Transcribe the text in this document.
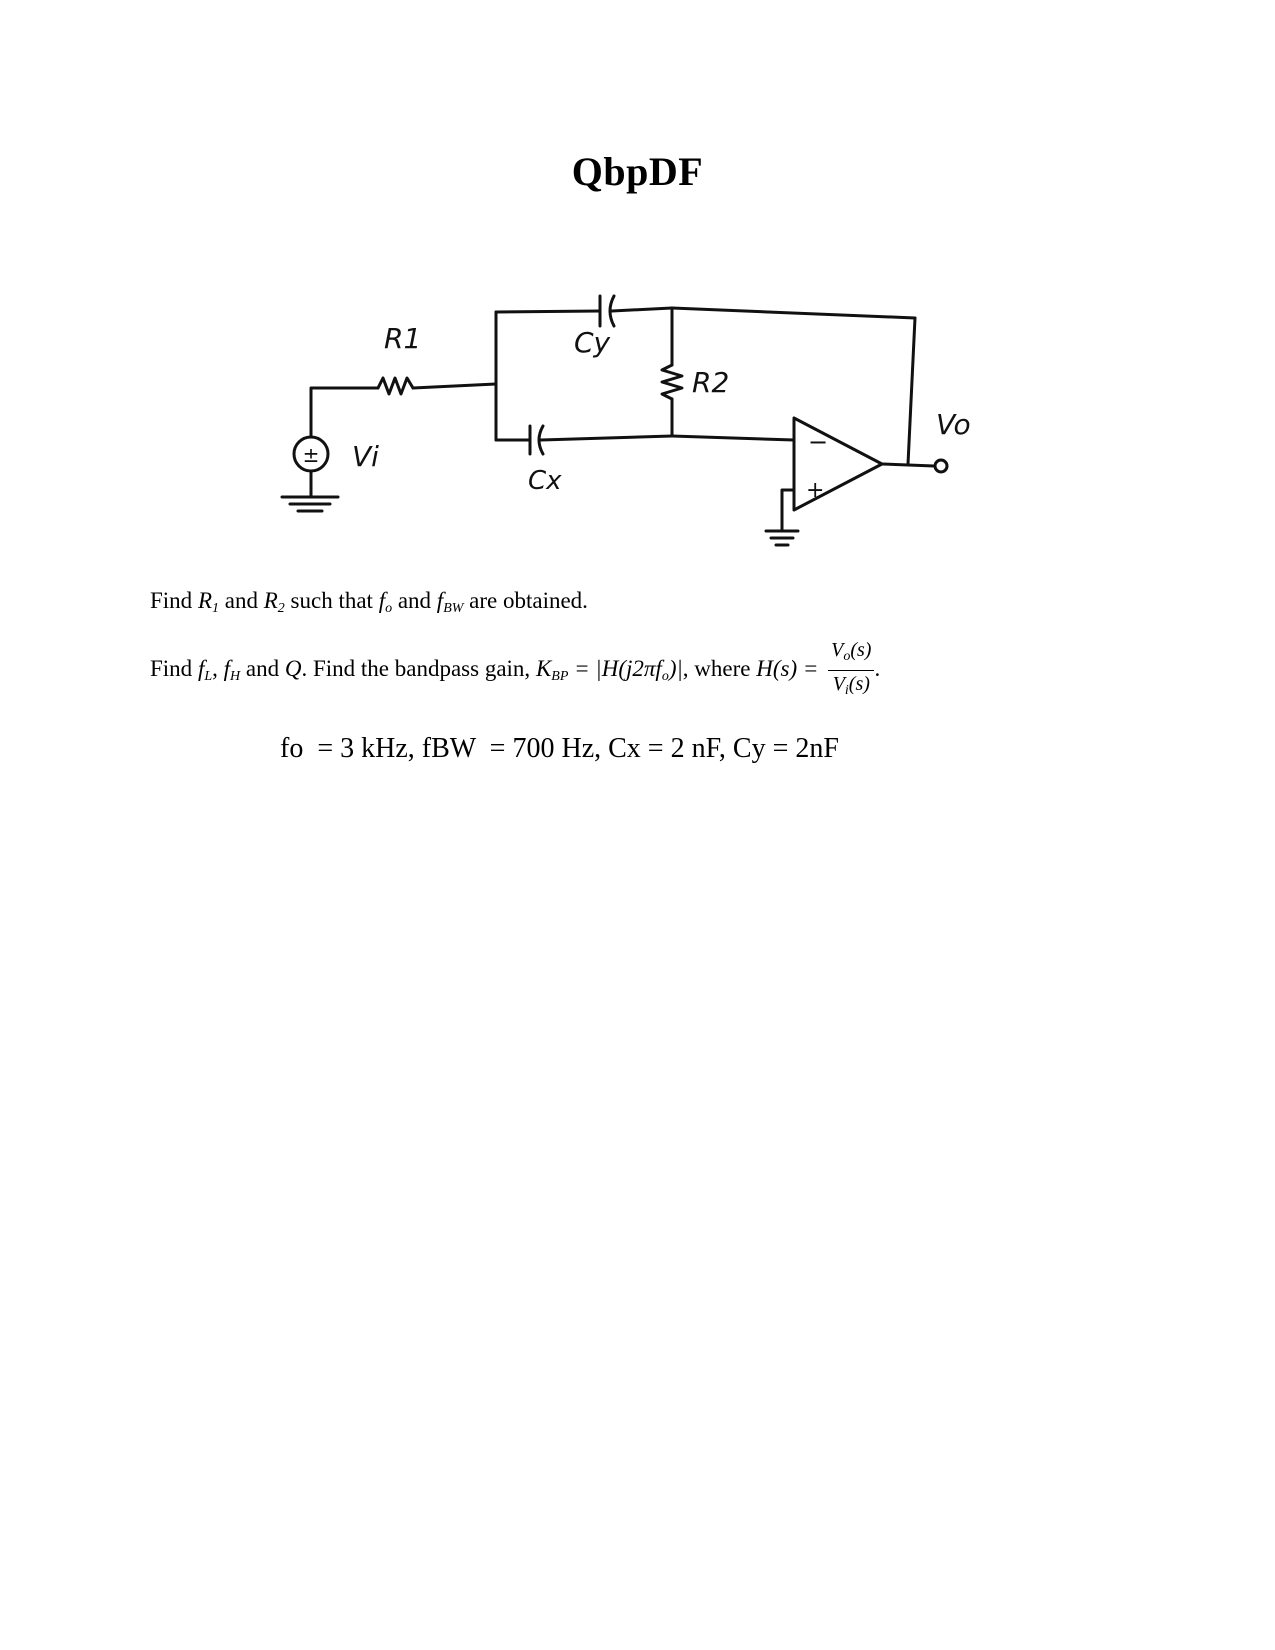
QbpDF
± Vi
R1	Cy
Cx
R2
−
+
Vo
Find $R_1$ and $R_2$ such that $f_o$ and $f_{BW}$ are obtained.
Find $f_L$, $f_H$ and Q. Find the bandpass gain, $K_{BP} = |H(j2\pi f_o)|$, where $H(s) = \frac{V_o(s)}{V_i(s)}$ .
fo  = 3 kHz, fBW  = 700 Hz, Cx = 2 nF, Cy = 2nF
